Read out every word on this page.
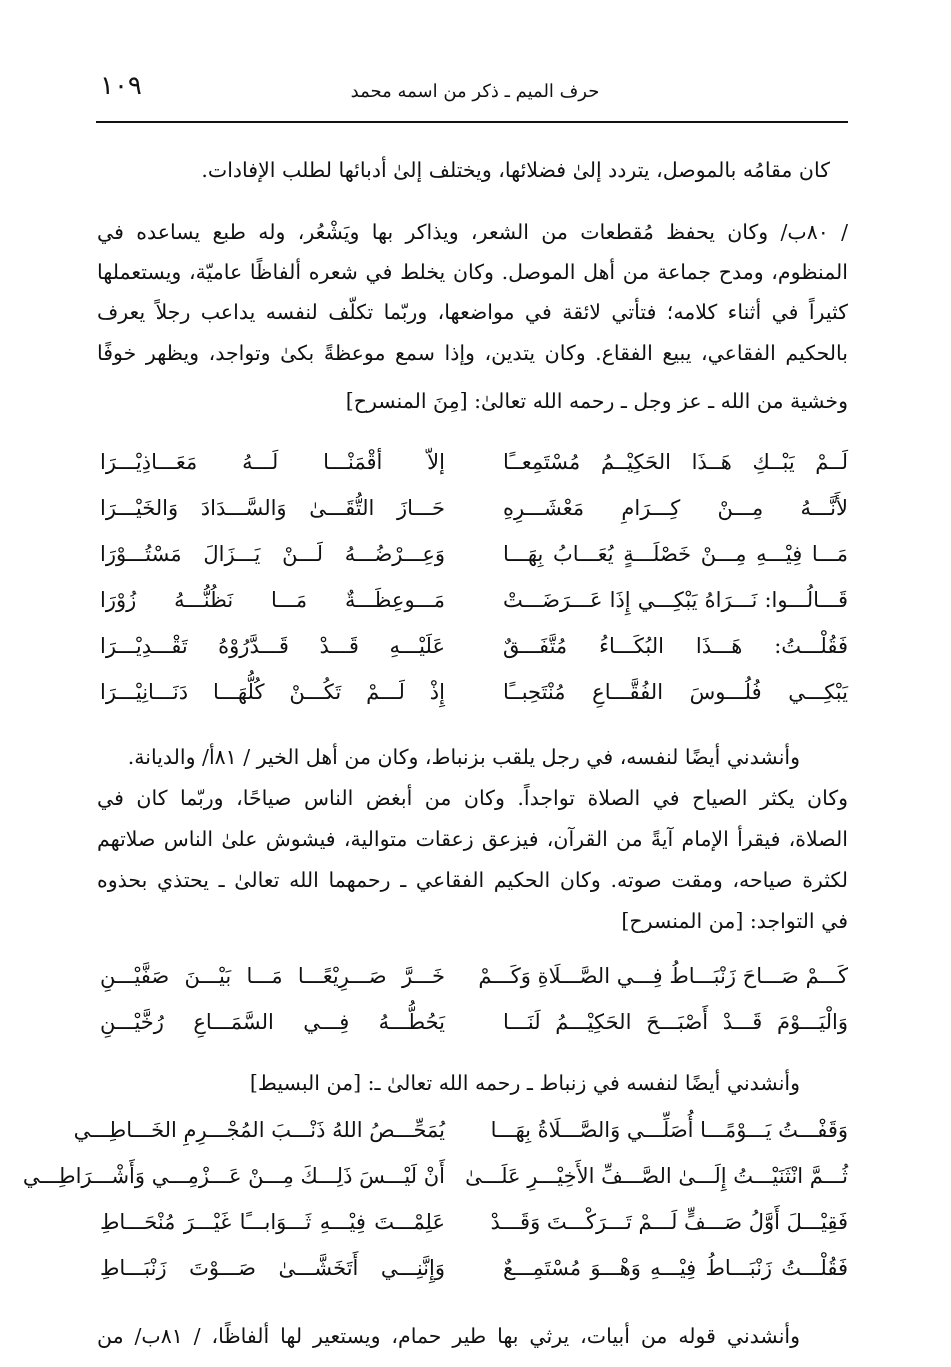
١٠٩	حرف الميم ـ ذكر من اسمه محمد
كان مقامُه بالموصل، يتردد إلىٰ فضلائها، ويختلف إلىٰ أدبائها لطلب الإفادات.
/ ٨٠ب/ وكان يحفظ مُقطعات من الشعر، ويذاكر بها ويَشْعُر، وله طبع يساعده في
المنظوم، ومدح جماعة من أهل الموصل. وكان يخلط في شعره ألفاظًا عاميّة، ويستعملها
كثيراً في أثناء كلامه؛ فتأتي لائقة في مواضعها، وربّما تكلّف لنفسه يداعب رجلاً يعرف
بالحكيم الفقاعي، يبيع الفقاع. وكان يتدين، وإذا سمع موعظةً بكىٰ وتواجد، ويظهر خوفًا
وخشية من الله ـ عز وجل ـ رحمه الله تعالىٰ: [مِنَ المنسرح]
لَــمْ يَبْــكِ هَــذَا الحَكِيْــمُ مُسْتَمِعــًا
إلاّ أقْمَنْـــا لَـــهُ مَعَـــاذِيْـــرَا
لأَنَّـــهُ مِـــنْ كِـــرَامِ مَعْشَـــرِهِ
حَـــازَ التُّقَـــىٰ وَالسَّـــدَادَ وَالخَيْـــرَا
مَـــا فِيْـــهِ مِـــنْ خَصْلَـــةٍ يُعَـــابُ بِهَـــا
وَعِـــرْضُـــهُ لَـــنْ يَـــزَالَ مَسْتُـــوْرَا
قَـــالُـــوا: نَـــرَاهُ يَبْكِـــي إِذَا عَـــرَضَـــتْ
مَـــوعِظَـــةٌ مَـــا نَظُنُّـــهُ زُوْرَا
فَقُلْـــتُ: هَـــذَا البُكَـــاءُ مُتَّفَـــقٌ
عَلَيْـــهِ قَـــدْ قَـــدَّرُوْهُ تَقْـــدِيْـــرَا
يَبْكِـــي فُلُـــوسَ الفُقَّـــاعِ مُنْتَحِبــًا
إِذْ لَـــمْ تَكُـــنْ كُلُّهَـــا دَنَـــانِيْـــرَا
وأنشدني أيضًا لنفسه، في رجل يلقب بزنباط، وكان من أهل الخير / ٨١أ/ والديانة.
وكان يكثر الصياح في الصلاة تواجداً. وكان من أبغض الناس صياحًا، وربّما كان في
الصلاة، فيقرأ الإمام آيةً من القرآن، فيزعق زعقات متوالية، فيشوش علىٰ الناس صلاتهم
لكثرة صياحه، ومقت صوته. وكان الحكيم الفقاعي ـ رحمهما الله تعالىٰ ـ يحتذي بحذوه
في التواجد: [من المنسرح]
كَـــمْ صَـــاحَ زَنْبَـــاطُ فِـــي الصَّـــلَاةِ وَكَـــمْ
خَـــرَّ صَـــرِيْعًـــا مَـــا بَيْـــنَ صَفَّيْـــنِ
وَالْيَـــوْمَ قَـــدْ أَصْبَـــحَ الحَكِيْـــمُ لَنَـــا
يَحُطُّـــهُ فِـــي السَّمَـــاعِ رُخَّيْـــنِ
وأنشدني أيضًا لنفسه في زنباط ـ رحمه الله تعالىٰ ـ: [من البسيط]
وَقَفْـــتُ يَـــوْمًـــا أُصَلِّـــي وَالصَّـــلَاةُ بِهَـــا
يُمَحِّـــصُ اللهُ ذَنْـــبَ المُجْـــرِمِ الخَـــاطِـــي
ثُـــمَّ انْثَنَيْـــتُ إِلَـــىٰ الصَّـــفِّ الأَخِيْـــرِ عَلَـــىٰ
أَنْ لَيْـــسَ ذَلِـــكَ مِـــنْ عَـــزْمِـــي وَأَشْـــرَاطِـــي
فَقِيْـــلَ أَوَّلُ صَـــفٍّ لَـــمْ تَـــرَكْـــتَ وَقَـــدْ
عَلِمْـــتَ فِيْـــهِ ثَـــوَابـــًا غَيْـــرَ مُنْحَـــاطِ
فَقُلْـــتُ زَنْبَـــاطُ فِيْـــهِ وَهْـــوَ مُسْتَمِـــعٌ
وَإِنَّنِـــي أَتَخَشَّـــىٰ صَـــوْتَ زَنْبَـــاطِ
وأنشدني قوله من أبيات، يرثي بها طير حمام، ويستعير لها ألفاظًا، / ٨١ب/ من
